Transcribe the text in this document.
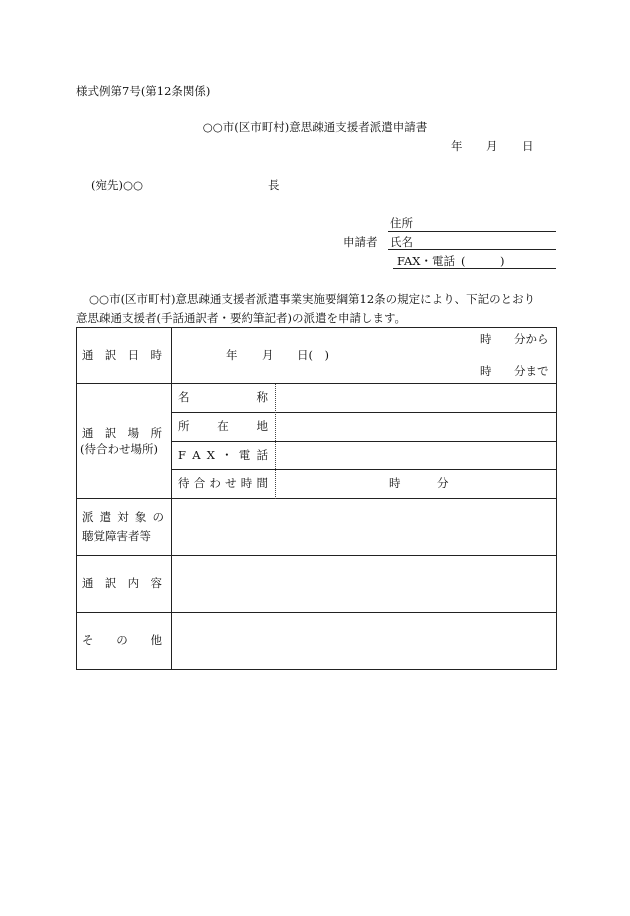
様式例第7号(第12条関係)
○○市(区市町村)意思疎通支援者派遣申請書
年 月 日
(宛先)○○	長
住所
申請者 氏名
FAX・電話 (　　　)
○○市(区市町村)意思疎通支援者派遣事業実施要綱第12条の規定により、下記のとおり
意思疎通支援者(手話通訳者・要約筆記者)の派遣を申請します。
通 訳 日 時	年 月 日(　)
時 分から
時 分まで
通 訳 場 所
(待合わせ場所)
名	称
所 在 地
F A X ・ 電 話
待 合 わ せ 時 間	時	分
派 遣 対 象 の
聴覚障害者等
通 訳 内 容
そ の 他
